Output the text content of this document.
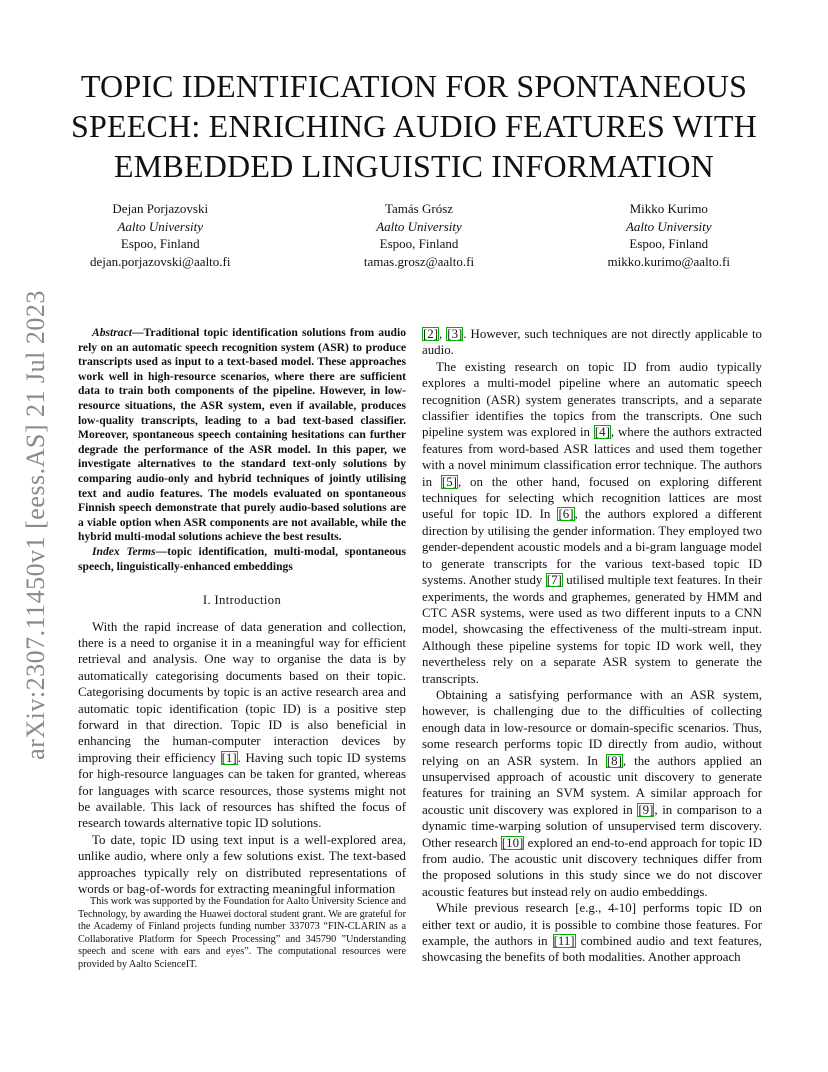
arXiv:2307.11450v1 [eess.AS] 21 Jul 2023
TOPIC IDENTIFICATION FOR SPONTANEOUS
SPEECH: ENRICHING AUDIO FEATURES WITH
EMBEDDED LINGUISTIC INFORMATION
Dejan Porjazovski
Aalto University
Espoo, Finland
dejan.porjazovski@aalto.fi
Tamás Grósz
Aalto University
Espoo, Finland
tamas.grosz@aalto.fi
Mikko Kurimo
Aalto University
Espoo, Finland
mikko.kurimo@aalto.fi

Abstract—Traditional topic identification solutions from audio rely on an automatic speech recognition system (ASR) to produce transcripts used as input to a text-based model. These approaches work well in high-resource scenarios, where there are sufficient data to train both components of the pipeline. However, in low-resource situations, the ASR system, even if available, produces low-quality transcripts, leading to a bad text-based classifier. Moreover, spontaneous speech containing hesitations can further degrade the performance of the ASR model. In this paper, we investigate alternatives to the standard text-only solutions by comparing audio-only and hybrid techniques of jointly utilising text and audio features. The models evaluated on spontaneous Finnish speech demonstrate that purely audio-based solutions are a viable option when ASR components are not available, while the hybrid multi-modal solutions achieve the best results.

Index Terms—topic identification, multi-modal, spontaneous speech, linguistically-enhanced embeddings

I. Introduction

With the rapid increase of data generation and collection, there is a need to organise it in a meaningful way for efficient retrieval and analysis. One way to organise the data is by automatically categorising documents based on their topic. Categorising documents by topic is an active research area and automatic topic identification (topic ID) is a positive step forward in that direction. Topic ID is also beneficial in enhancing the human-computer interaction devices by improving their efficiency [1]. Having such topic ID systems for high-resource languages can be taken for granted, whereas for languages with scarce resources, those systems might not be available. This lack of resources has shifted the focus of research towards alternative topic ID solutions.

To date, topic ID using text input is a well-explored area, unlike audio, where only a few solutions exist. The text-based approaches typically rely on distributed representations of words or bag-of-words for extracting meaningful information

This work was supported by the Foundation for Aalto University Science and Technology, by awarding the Huawei doctoral student grant. We are grateful for the Academy of Finland projects funding number 337073 “FIN-CLARIN as a Collaborative Platform for Speech Processing” and 345790 ”Understanding speech and scene with ears and eyes”. The computational resources were provided by Aalto ScienceIT.

[2], [3]. However, such techniques are not directly applicable to audio.

The existing research on topic ID from audio typically explores a multi-model pipeline where an automatic speech recognition (ASR) system generates transcripts, and a separate classifier identifies the topics from the transcripts. One such pipeline system was explored in [4], where the authors extracted features from word-based ASR lattices and used them together with a novel minimum classification error technique. The authors in [5], on the other hand, focused on exploring different techniques for selecting which recognition lattices are most useful for topic ID. In [6], the authors explored a different direction by utilising the gender information. They employed two gender-dependent acoustic models and a bi-gram language model to generate transcripts for the various text-based topic ID systems. Another study [7] utilised multiple text features. In their experiments, the words and graphemes, generated by HMM and CTC ASR systems, were used as two different inputs to a CNN model, showcasing the effectiveness of the multi-stream input. Although these pipeline systems for topic ID work well, they nevertheless rely on a separate ASR system to generate the transcripts.

Obtaining a satisfying performance with an ASR system, however, is challenging due to the difficulties of collecting enough data in low-resource or domain-specific scenarios. Thus, some research performs topic ID directly from audio, without relying on an ASR system. In [8], the authors applied an unsupervised approach of acoustic unit discovery to generate features for training an SVM system. A similar approach for acoustic unit discovery was explored in [9], in comparison to a dynamic time-warping solution of unsupervised term discovery. Other research [10] explored an end-to-end approach for topic ID from audio. The acoustic unit discovery techniques differ from the proposed solutions in this study since we do not discover acoustic features but instead rely on audio embeddings.

While previous research [e.g., 4-10] performs topic ID on either text or audio, it is possible to combine those features. For example, the authors in [11] combined audio and text features, showcasing the benefits of both modalities. Another approach
